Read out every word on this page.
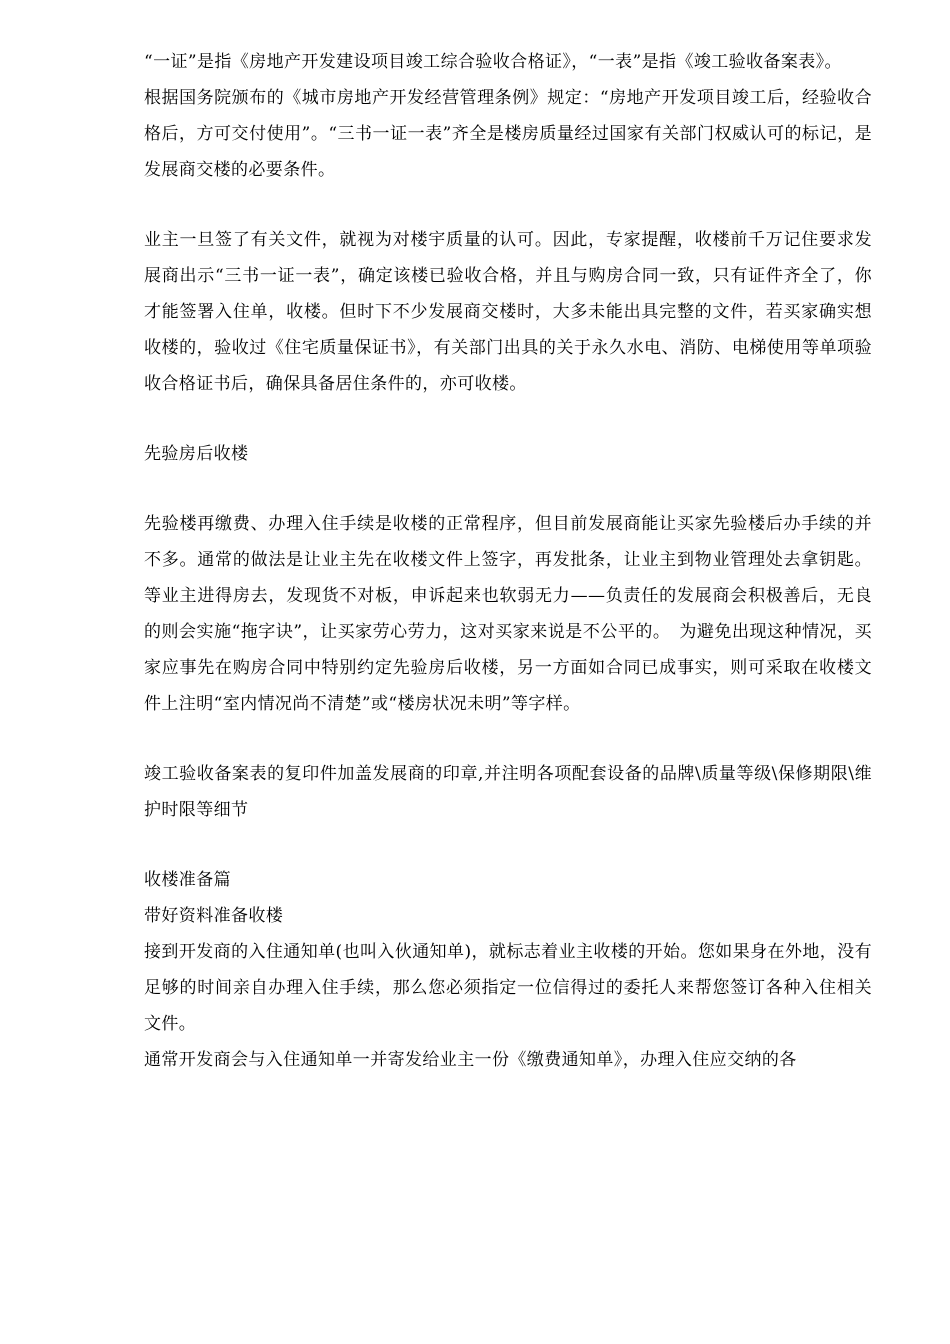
“一证”是指《房地产开发建设项目竣工综合验收合格证》，“一表”是指《竣工验收备案表》。

根据国务院颁布的《城市房地产开发经营管理条例》规定：“房地产开发项目竣工后，经验收合格后，方可交付使用”。“三书一证一表”齐全是楼房质量经过国家有关部门权威认可的标记，是发展商交楼的必要条件。

业主一旦签了有关文件，就视为对楼宇质量的认可。因此，专家提醒，收楼前千万记住要求发展商出示“三书一证一表”，确定该楼已验收合格，并且与购房合同一致，只有证件齐全了，你才能签署入住单，收楼。但时下不少发展商交楼时，大多未能出具完整的文件，若买家确实想收楼的，验收过《住宅质量保证书》，有关部门出具的关于永久水电、消防、电梯使用等单项验收合格证书后，确保具备居住条件的，亦可收楼。

先验房后收楼

先验楼再缴费、办理入住手续是收楼的正常程序，但目前发展商能让买家先验楼后办手续的并不多。通常的做法是让业主先在收楼文件上签字，再发批条，让业主到物业管理处去拿钥匙。等业主进得房去，发现货不对板，申诉起来也软弱无力——负责任的发展商会积极善后，无良的则会实施“拖字诀”，让买家劳心劳力，这对买家来说是不公平的。　为避免出现这种情况，买家应事先在购房合同中特别约定先验房后收楼，另一方面如合同已成事实，则可采取在收楼文件上注明“室内情况尚不清楚”或“楼房状况未明”等字样。

竣工验收备案表的复印件加盖发展商的印章,并注明各项配套设备的品牌\质量等级\保修期限\维护时限等细节

收楼准备篇

带好资料准备收楼

接到开发商的入住通知单(也叫入伙通知单)，就标志着业主收楼的开始。您如果身在外地，没有足够的时间亲自办理入住手续，那么您必须指定一位信得过的委托人来帮您签订各种入住相关文件。

通常开发商会与入住通知单一并寄发给业主一份《缴费通知单》，办理入住应交纳的各
